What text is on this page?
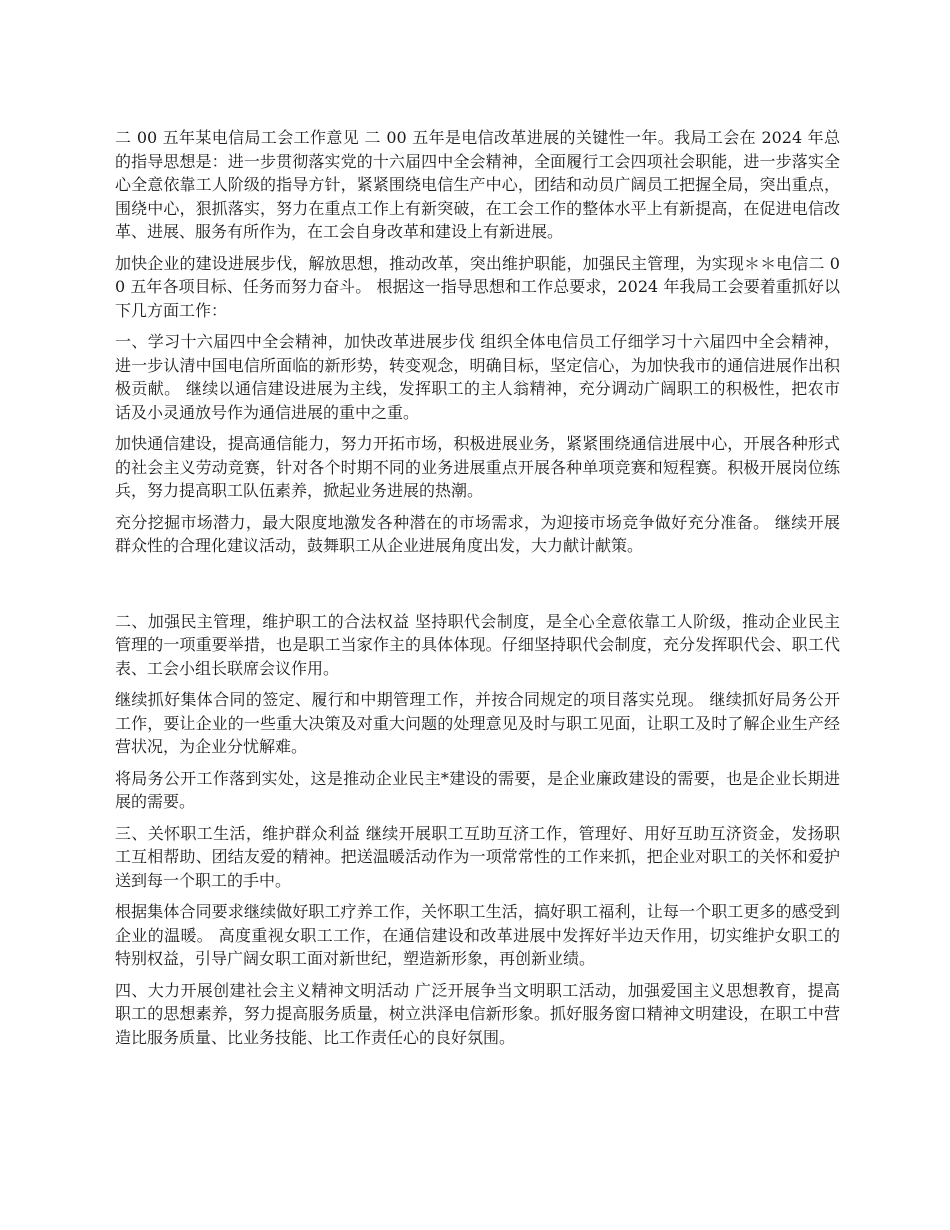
二 00 五年某电信局工会工作意见 二 00 五年是电信改革进展的关键性一年。我局工会在 2024 年总的指导思想是：进一步贯彻落实党的十六届四中全会精神，全面履行工会四项社会职能，进一步落实全心全意依靠工人阶级的指导方针，紧紧围绕电信生产中心，团结和动员广阔员工把握全局，突出重点，围绕中心，狠抓落实，努力在重点工作上有新突破，在工会工作的整体水平上有新提高，在促进电信改革、进展、服务有所作为，在工会自身改革和建设上有新进展。

加快企业的建设进展步伐，解放思想，推动改革，突出维护职能，加强民主管理，为实现＊＊电信二 00 五年各项目标、任务而努力奋斗。 根据这一指导思想和工作总要求，2024 年我局工会要着重抓好以下几方面工作：

一、学习十六届四中全会精神，加快改革进展步伐 组织全体电信员工仔细学习十六届四中全会精神，进一步认清中国电信所面临的新形势，转变观念，明确目标，坚定信心，为加快我市的通信进展作出积极贡献。 继续以通信建设进展为主线，发挥职工的主人翁精神，充分调动广阔职工的积极性，把农市话及小灵通放号作为通信进展的重中之重。

加快通信建设，提高通信能力，努力开拓市场，积极进展业务，紧紧围绕通信进展中心，开展各种形式的社会主义劳动竞赛，针对各个时期不同的业务进展重点开展各种单项竞赛和短程赛。积极开展岗位练兵，努力提高职工队伍素养，掀起业务进展的热潮。

充分挖掘市场潜力，最大限度地激发各种潜在的市场需求，为迎接市场竞争做好充分准备。 继续开展群众性的合理化建议活动，鼓舞职工从企业进展角度出发，大力献计献策。

二、加强民主管理，维护职工的合法权益 坚持职代会制度，是全心全意依靠工人阶级，推动企业民主管理的一项重要举措，也是职工当家作主的具体体现。仔细坚持职代会制度，充分发挥职代会、职工代表、工会小组长联席会议作用。

继续抓好集体合同的签定、履行和中期管理工作，并按合同规定的项目落实兑现。 继续抓好局务公开工作，要让企业的一些重大决策及对重大问题的处理意见及时与职工见面，让职工及时了解企业生产经营状况，为企业分忧解难。

将局务公开工作落到实处，这是推动企业民主*建设的需要，是企业廉政建设的需要，也是企业长期进展的需要。

三、关怀职工生活，维护群众利益 继续开展职工互助互济工作，管理好、用好互助互济资金，发扬职工互相帮助、团结友爱的精神。把送温暖活动作为一项常常性的工作来抓，把企业对职工的关怀和爱护送到每一个职工的手中。

根据集体合同要求继续做好职工疗养工作，关怀职工生活，搞好职工福利，让每一个职工更多的感受到企业的温暖。 高度重视女职工工作，在通信建设和改革进展中发挥好半边天作用，切实维护女职工的特别权益，引导广阔女职工面对新世纪，塑造新形象，再创新业绩。

四、大力开展创建社会主义精神文明活动 广泛开展争当文明职工活动，加强爱国主义思想教育，提高职工的思想素养，努力提高服务质量，树立洪泽电信新形象。抓好服务窗口精神文明建设，在职工中营造比服务质量、比业务技能、比工作责任心的良好氛围。
